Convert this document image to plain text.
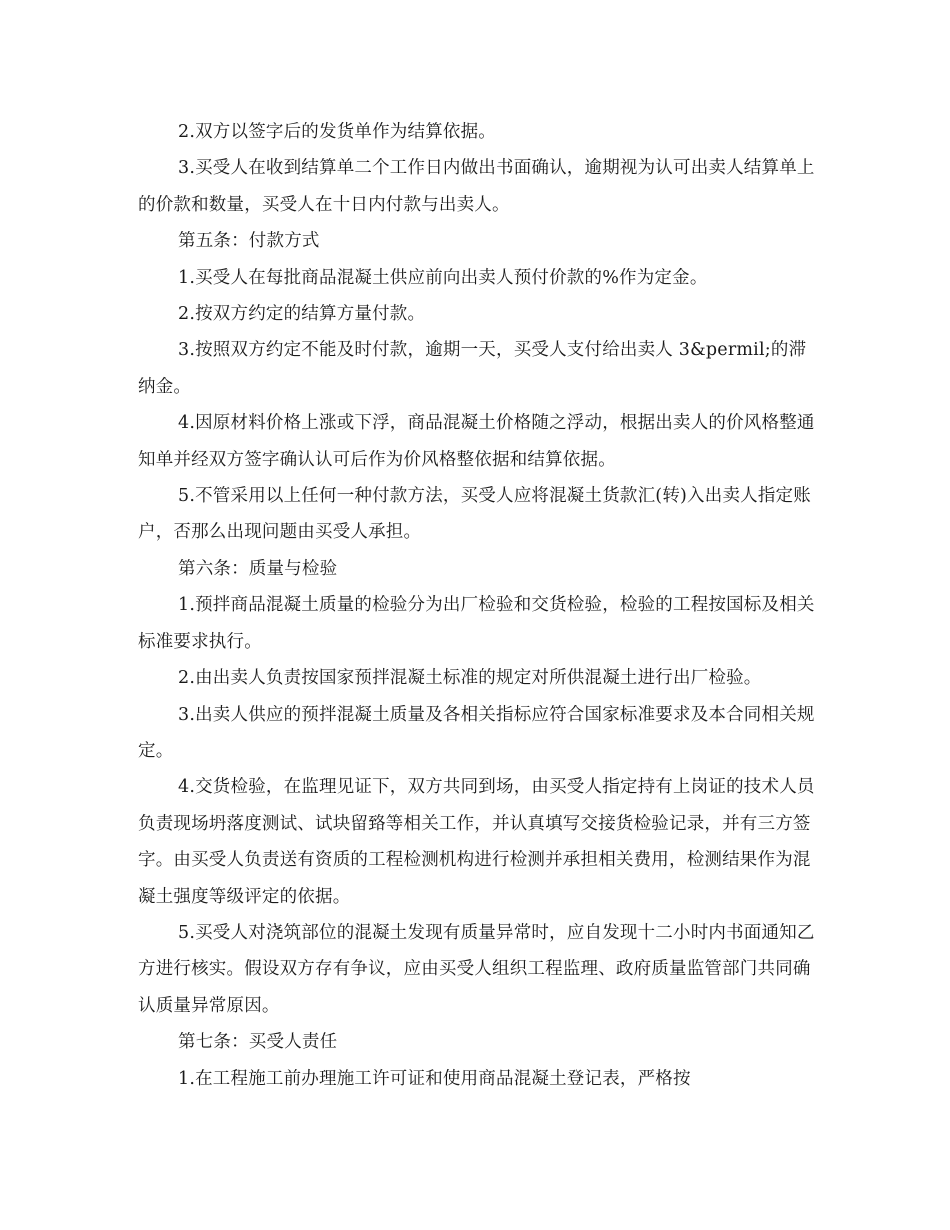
2.双方以签字后的发货单作为结算依据。

3.买受人在收到结算单二个工作日内做出书面确认，逾期视为认可出卖人结算单上的价款和数量，买受人在十日内付款与出卖人。

第五条：付款方式

1.买受人在每批商品混凝土供应前向出卖人预付价款的%作为定金。

2.按双方约定的结算方量付款。

3.按照双方约定不能及时付款，逾期一天，买受人支付给出卖人 3&permil;的滞纳金。

4.因原材料价格上涨或下浮，商品混凝土价格随之浮动，根据出卖人的价风格整通知单并经双方签字确认认可后作为价风格整依据和结算依据。

5.不管采用以上任何一种付款方法，买受人应将混凝土货款汇(转)入出卖人指定账户，否那么出现问题由买受人承担。

第六条：质量与检验

1.预拌商品混凝土质量的检验分为出厂检验和交货检验，检验的工程按国标及相关标准要求执行。

2.由出卖人负责按国家预拌混凝土标准的规定对所供混凝土进行出厂检验。

3.出卖人供应的预拌混凝土质量及各相关指标应符合国家标准要求及本合同相关规定。

4.交货检验，在监理见证下，双方共同到场，由买受人指定持有上岗证的技术人员负责现场坍落度测试、试块留臵等相关工作，并认真填写交接货检验记录，并有三方签字。由买受人负责送有资质的工程检测机构进行检测并承担相关费用，检测结果作为混凝土强度等级评定的依据。

5.买受人对浇筑部位的混凝土发现有质量异常时，应自发现十二小时内书面通知乙方进行核实。假设双方存有争议，应由买受人组织工程监理、政府质量监管部门共同确认质量异常原因。

第七条：买受人责任

1.在工程施工前办理施工许可证和使用商品混凝土登记表，严格按
